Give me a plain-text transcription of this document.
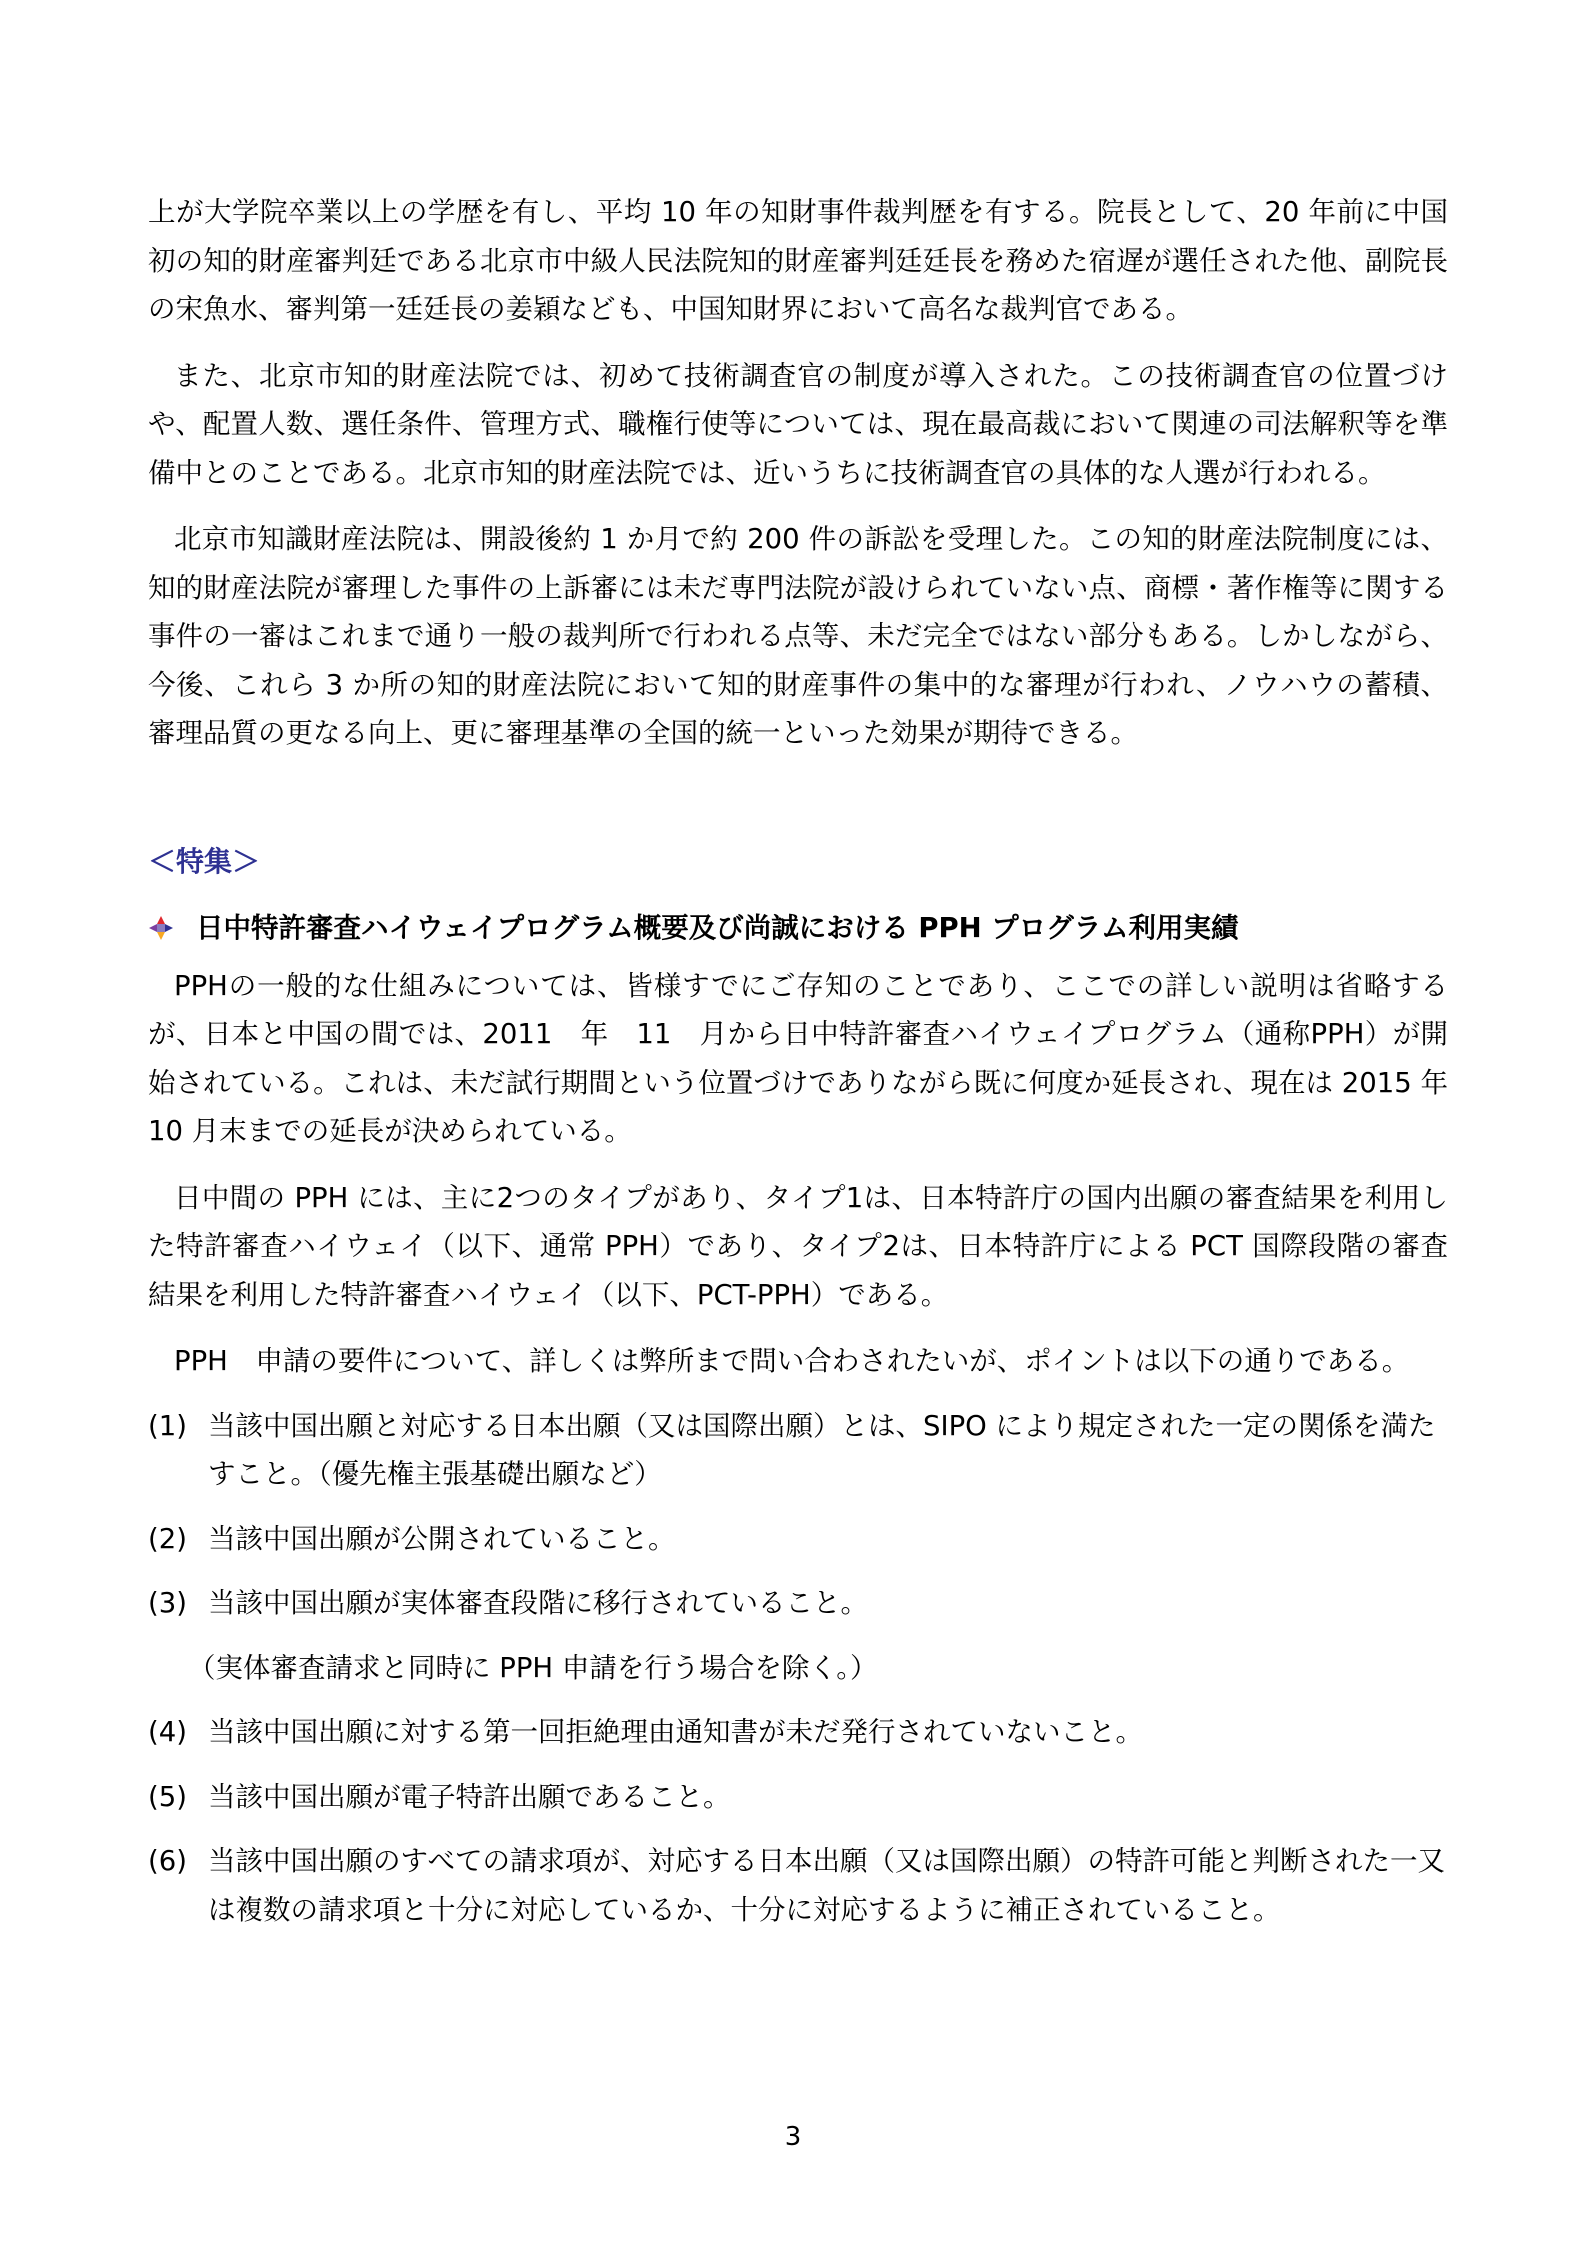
上が大学院卒業以上の学歴を有し、平均 10 年の知財事件裁判歴を有する。院長として、20 年前に中国初の知的財産審判廷である北京市中級人民法院知的財産審判廷廷長を務めた宿遅が選任された他、副院長の宋魚水、審判第一廷廷長の姜穎なども、中国知財界において高名な裁判官である。

また、北京市知的財産法院では、初めて技術調査官の制度が導入された。この技術調査官の位置づけや、配置人数、選任条件、管理方式、職権行使等については、現在最高裁において関連の司法解釈等を準備中とのことである。北京市知的財産法院では、近いうちに技術調査官の具体的な人選が行われる。

北京市知識財産法院は、開設後約 1 か月で約 200 件の訴訟を受理した。この知的財産法院制度には、知的財産法院が審理した事件の上訴審には未だ専門法院が設けられていない点、商標・著作権等に関する事件の一審はこれまで通り一般の裁判所で行われる点等、未だ完全ではない部分もある。しかしながら、今後、これら 3 か所の知的財産法院において知的財産事件の集中的な審理が行われ、ノウハウの蓄積、審理品質の更なる向上、更に審理基準の全国的統一といった効果が期待できる。

＜特集＞

日中特許審査ハイウェイプログラム概要及び尚誠における PPH プログラム利用実績

PPHの一般的な仕組みについては、皆様すでにご存知のことであり、ここでの詳しい説明は省略するが、日本と中国の間では、2011　年　11　月から日中特許審査ハイウェイプログラム（通称PPH）が開始されている。これは、未だ試行期間という位置づけでありながら既に何度か延長され、現在は 2015 年 10 月末までの延長が決められている。

日中間の PPH には、主に2つのタイプがあり、タイプ1は、日本特許庁の国内出願の審査結果を利用した特許審査ハイウェイ（以下、通常 PPH）であり、タイプ2は、日本特許庁による PCT 国際段階の審査結果を利用した特許審査ハイウェイ（以下、PCT-PPH）である。

PPH　申請の要件について、詳しくは弊所まで問い合わされたいが、ポイントは以下の通りである。

(1) 当該中国出願と対応する日本出願（又は国際出願）とは、SIPO により規定された一定の関係を満たすこと。（優先権主張基礎出願など）
(2) 当該中国出願が公開されていること。
(3) 当該中国出願が実体審査段階に移行されていること。
（実体審査請求と同時に PPH 申請を行う場合を除く。）
(4) 当該中国出願に対する第一回拒絶理由通知書が未だ発行されていないこと。
(5) 当該中国出願が電子特許出願であること。
(6) 当該中国出願のすべての請求項が、対応する日本出願（又は国際出願）の特許可能と判断された一又は複数の請求項と十分に対応しているか、十分に対応するように補正されていること。
3
